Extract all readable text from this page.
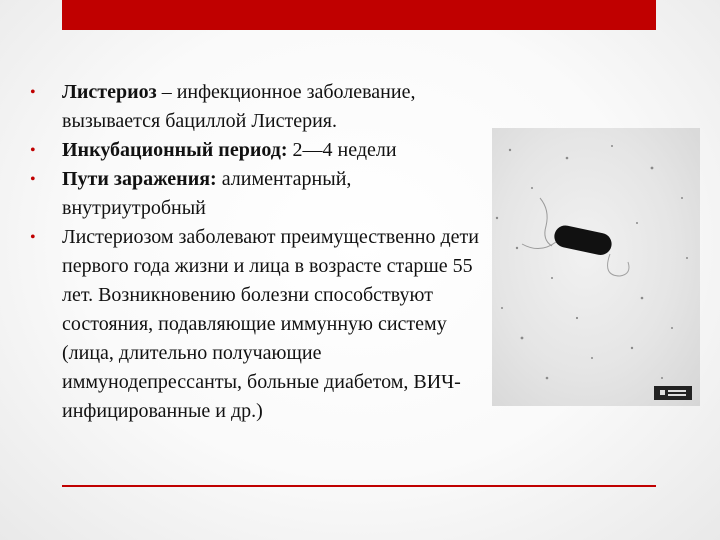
• Листериоз – инфекционное заболевание, вызывается бациллой Листерия.
• Инкубационный период: 2—4 недели
• Пути заражения: алиментарный, внутриутробный
• Листериозом заболевают преимущественно дети первого года жизни и лица в возрасте старше 55 лет. Возникновению болезни способствуют состояния, подавляющие иммунную систему (лица, длительно получающие иммунодепрессанты, больные диабетом, ВИЧ-инфицированные и др.)
